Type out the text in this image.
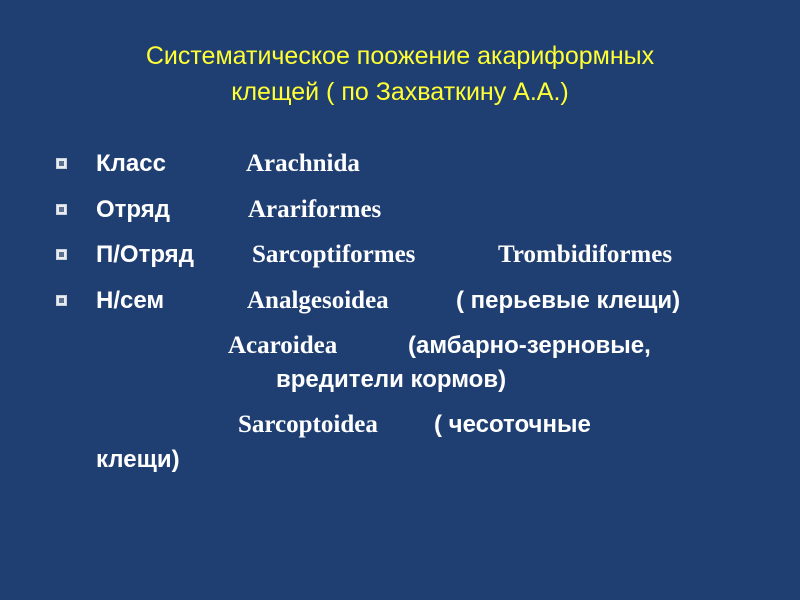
Систематическое поожение акариформных
клещей ( по Захваткину А.А.)
Класс	Arachnida
Отряд	Arariformes
П/Отряд Sarcoptiformes	Trombidiformes
Н/сем	Analgesoidea	( перьевые клещи)
Acaroidea	(амбарно-зерновые,
вредители кормов)
Sarcoptoidea ( чесоточные
клещи)
